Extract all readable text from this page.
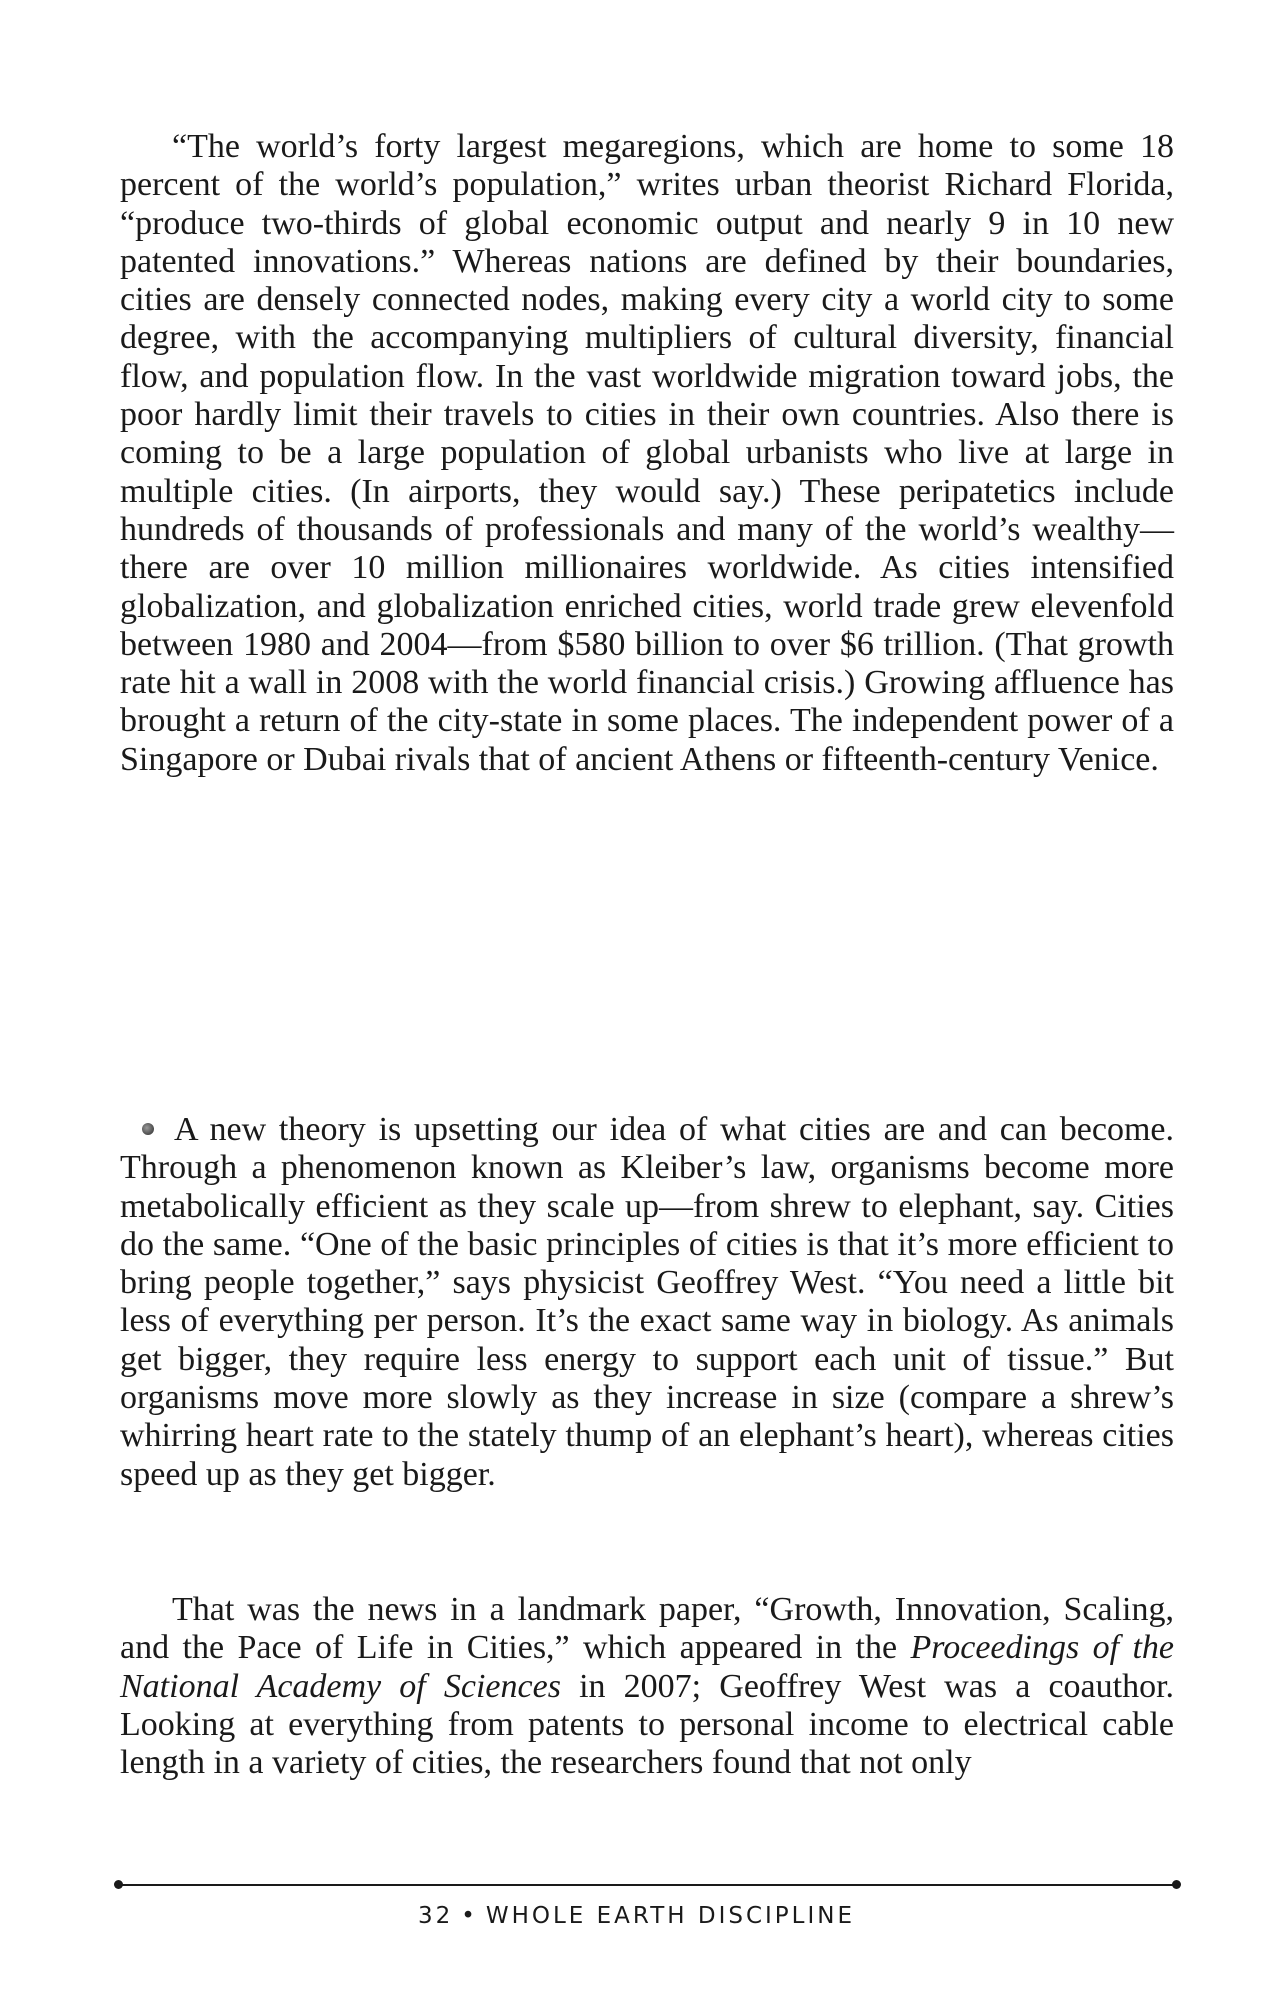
“The world’s forty largest megaregions, which are home to some 18 percent of the world’s population,” writes urban theorist Richard Florida, “produce two-thirds of global economic output and nearly 9 in 10 new patented innovations.” Whereas nations are defined by their boundaries, cities are densely connected nodes, making every city a world city to some degree, with the accompanying multipliers of cultural diversity, financial flow, and population flow. In the vast worldwide migration toward jobs, the poor hardly limit their travels to cities in their own countries. Also there is coming to be a large population of global urbanists who live at large in multiple cities. (In airports, they would say.) These peripatetics include hundreds of thousands of professionals and many of the world’s wealthy—there are over 10 million millionaires worldwide. As cities intensified globalization, and globalization enriched cities, world trade grew elevenfold between 1980 and 2004—from $580 billion to over $6 trillion. (That growth rate hit a wall in 2008 with the world financial crisis.) Growing affluence has brought a return of the city-state in some places. The independent power of a Singapore or Dubai rivals that of ancient Athens or fifteenth-century Venice.

A new theory is upsetting our idea of what cities are and can become. Through a phenomenon known as Kleiber’s law, organisms become more metabolically efficient as they scale up—from shrew to elephant, say. Cities do the same. “One of the basic principles of cities is that it’s more efficient to bring people together,” says physicist Geoffrey West. “You need a little bit less of everything per person. It’s the exact same way in biology. As animals get bigger, they require less energy to support each unit of tissue.” But organisms move more slowly as they increase in size (compare a shrew’s whirring heart rate to the stately thump of an elephant’s heart), whereas cities speed up as they get bigger.

That was the news in a landmark paper, “Growth, Innovation, Scaling, and the Pace of Life in Cities,” which appeared in the Proceedings of the National Academy of Sciences in 2007; Geoffrey West was a coauthor. Looking at everything from patents to personal income to electrical cable length in a variety of cities, the researchers found that not only

32 • WHOLE EARTH DISCIPLINE
